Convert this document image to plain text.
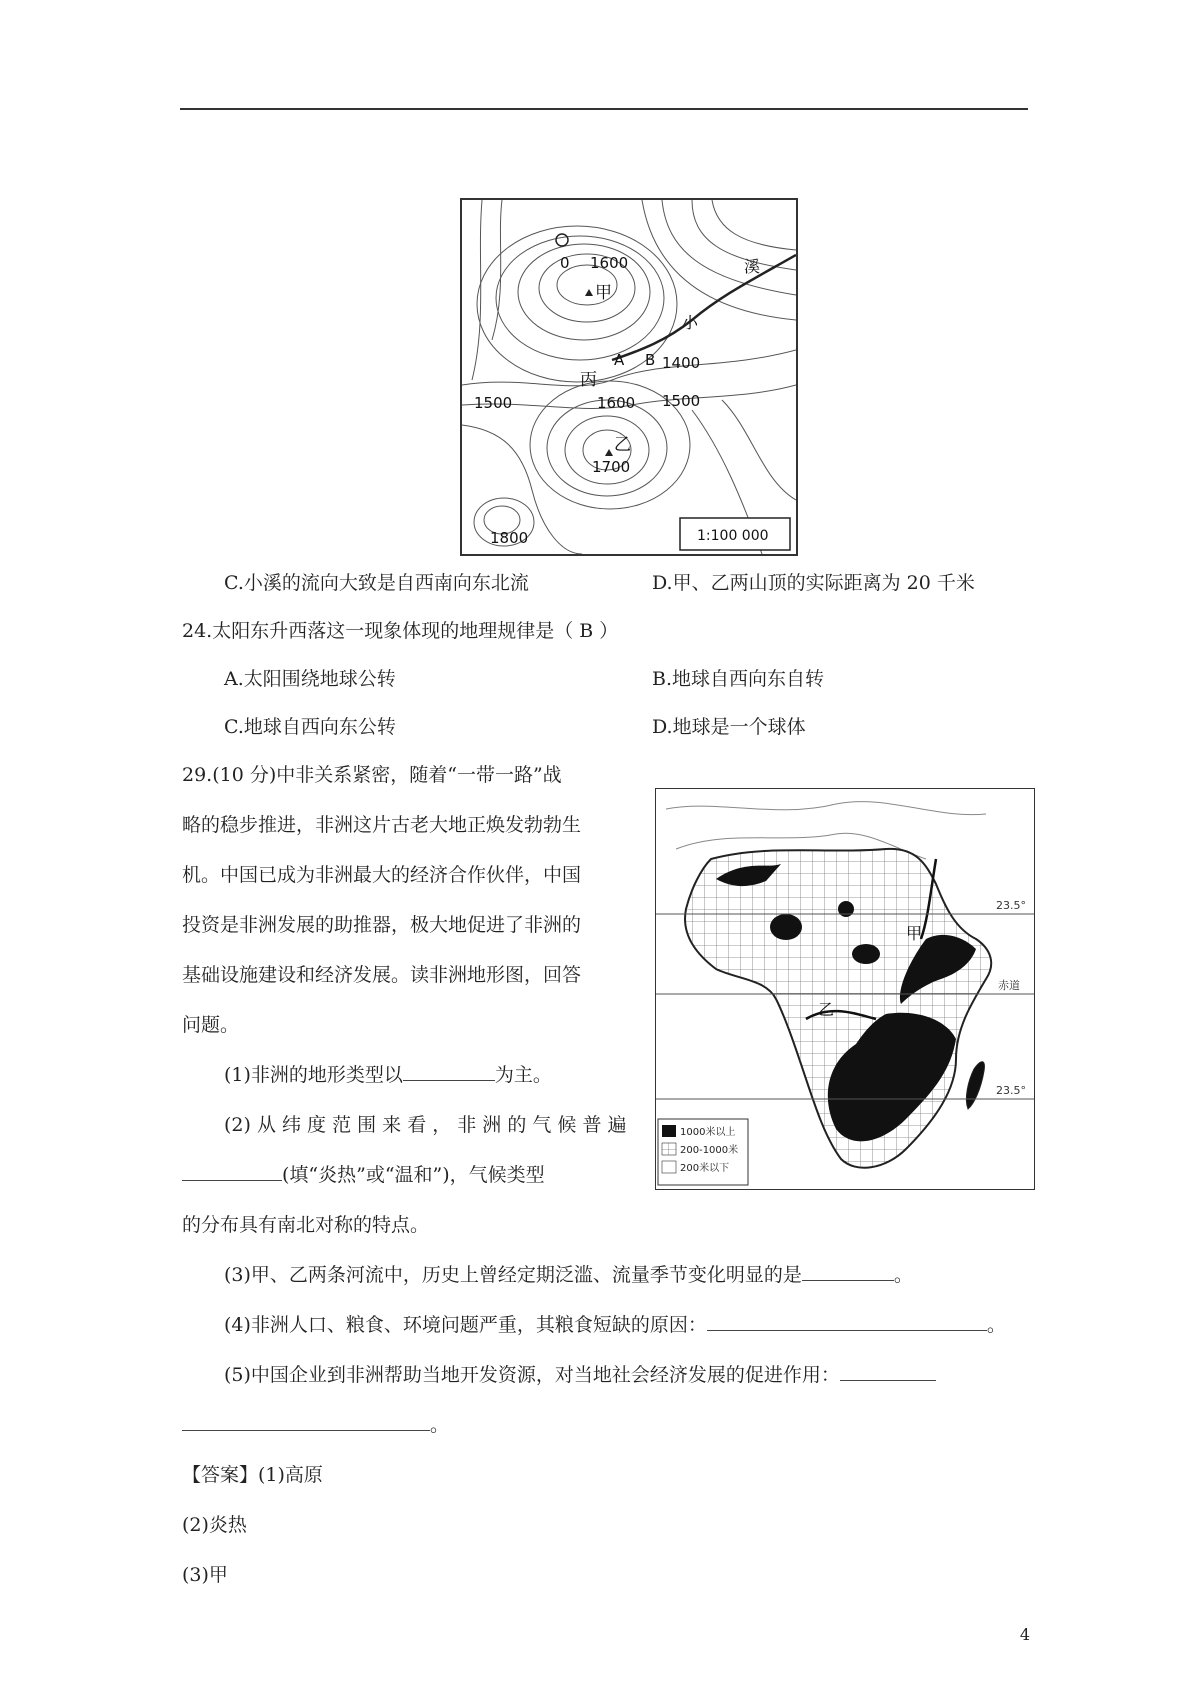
0 1600
甲
溪
小
A B 1400
丙
1600
1500	1500
乙
1700
1800	1:100 000
C.小溪的流向大致是自西南向东北流	D.甲、乙两山顶的实际距离为 20 千米
24.太阳东升西落这一现象体现的地理规律是（ B ）
A.太阳围绕地球公转	B.地球自西向东自转
C.地球自西向东公转	D.地球是一个球体
29.(10 分)中非关系紧密，随着“一带一路”战
略的稳步推进，非洲这片古老大地正焕发勃勃生
机。中国已成为非洲最大的经济合作伙伴，中国
投资是非洲发展的助推器，极大地促进了非洲的
基础设施建设和经济发展。读非洲地形图，回答
问题。
(1)非洲的地形类型以	为主。
(2) 从 纬 度 范 围 来 看 ， 非 洲 的 气 候 普 遍
(填“炎热”或“温和”)，气候类型
的分布具有南北对称的特点。
23.5°
赤道
23.5°
甲
乙
1000米以上
200-1000米
200米以下
(3)甲、乙两条河流中，历史上曾经定期泛滥、流量季节变化明显的是	。
(4)非洲人口、粮食、环境问题严重，其粮食短缺的原因：	。
(5)中国企业到非洲帮助当地开发资源，对当地社会经济发展的促进作用：
。
【答案】(1)高原
(2)炎热
(3)甲
4
